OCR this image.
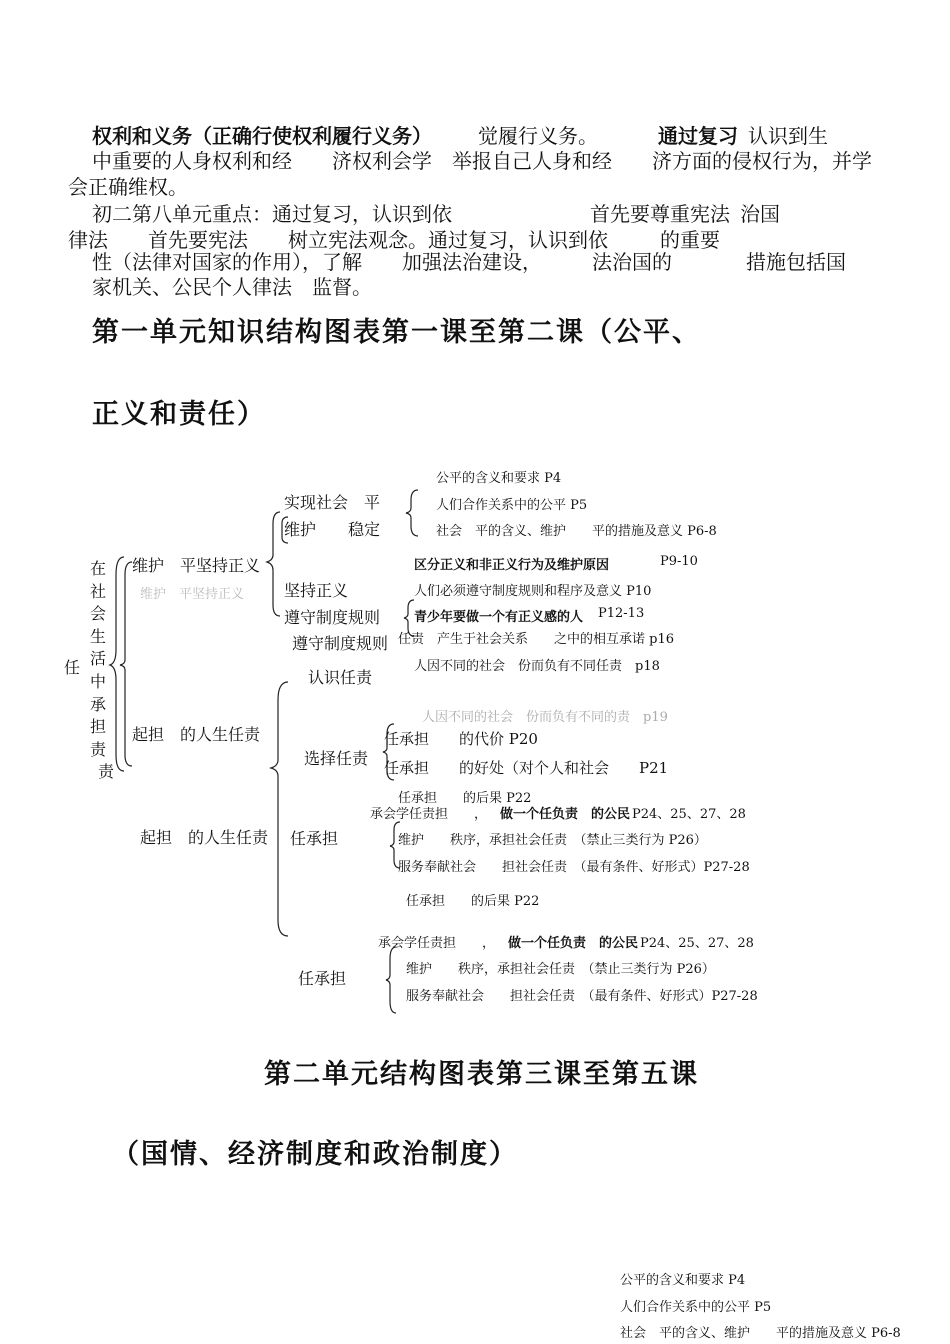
权利和义务（正确行使权利履行义务） 觉履行义务。	通过复习 认识到生
中重要的人身权利和经　　济权利会学　举报自己人身和经　　济方面的侵权行为，并学
会正确维权。
初二第八单元重点：通过复习，认识到依	首先要尊重宪法 治国
律法　　首先要宪法　　树立宪法观念。通过复习，认识到依	的重要
性（法律对国家的作用），了解　　加强法治建设，　　 法治国的	措施包括国
家机关、公民个人律法　监督。
第一单元知识结构图表第一课至第二课（公平、
正义和责任）
在
社
会
生
活
中
承
担
责
责
任
维护　平坚持正义
维护　平坚持正义
起担　的人生任责
起担　的人生任责
实现社会　平
维护　　稳定
坚持正义
遵守制度规则
遵守制度规则
公平的含义和要求 P4
人们合作关系中的公平 P5
社会　平的含义、维护　　平的措施及意义 P6-8
区分正义和非正义行为及维护原因	P9-10
人们必须遵守制度规则和程序及意义 P10
青少年要做一个有正义感的人 P12-13
任责　产生于社会关系　　之中的相互承诺 p16
人因不同的社会　份而负有不同任责　p18
人因不同的社会　份而负有不同的责　p19
认识任责
选择任责
任承担
任承担　　的代价 P20
任承担　　的好处（对个人和社会　　P21
任承担　　的后果 P22
承会学任责担　　， 做一个任负责　的公民 P24、25、27、28
维护　　秩序，承担社会任责　（禁止三类行为 P26）
服务奉献社会　　担社会任责　（最有条件、好形式）P27-28
任承担　　的后果 P22
承会学任责担　　， 做一个任负责　的公民 P24、25、27、28
任承担	维护　　秩序，承担社会任责　（禁止三类行为 P26）
服务奉献社会　　担社会任责　（最有条件、好形式）P27-28
第二单元结构图表第三课至第五课
（国情、经济制度和政治制度）
公平的含义和要求 P4
人们合作关系中的公平 P5
社会　平的含义、维护　　平的措施及意义 P6-8
